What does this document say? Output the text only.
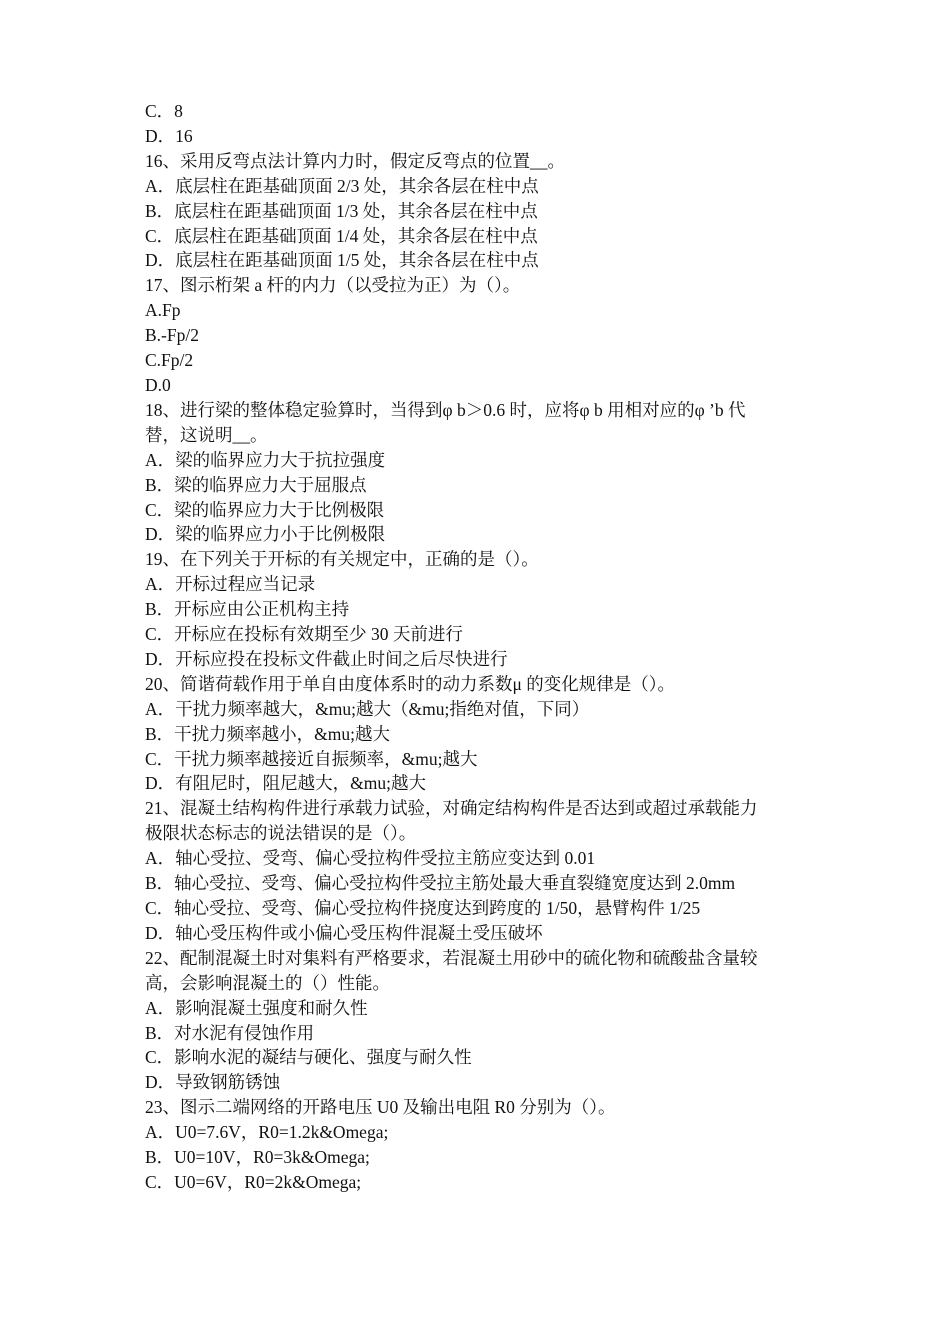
C．8
D．16
16、采用反弯点法计算内力时，假定反弯点的位置__。
A．底层柱在距基础顶面 2/3 处，其余各层在柱中点
B．底层柱在距基础顶面 1/3 处，其余各层在柱中点
C．底层柱在距基础顶面 1/4 处，其余各层在柱中点
D．底层柱在距基础顶面 1/5 处，其余各层在柱中点
17、图示桁架 a 杆的内力（以受拉为正）为（）。
A.Fp
B.-Fp/2
C.Fp/2
D.0
18、进行梁的整体稳定验算时，当得到φ b＞0.6 时，应将φ b 用相对应的φ ’b 代
替，这说明__。
A．梁的临界应力大于抗拉强度
B．梁的临界应力大于屈服点
C．梁的临界应力大于比例极限
D．梁的临界应力小于比例极限
19、在下列关于开标的有关规定中，正确的是（）。
A．开标过程应当记录
B．开标应由公正机构主持
C．开标应在投标有效期至少 30 天前进行
D．开标应投在投标文件截止时间之后尽快进行
20、简谐荷载作用于单自由度体系时的动力系数μ 的变化规律是（）。
A．干扰力频率越大，&mu;越大（&mu;指绝对值，下同）
B．干扰力频率越小，&mu;越大
C．干扰力频率越接近自振频率，&mu;越大
D．有阻尼时，阻尼越大，&mu;越大
21、混凝土结构构件进行承载力试验，对确定结构构件是否达到或超过承载能力
极限状态标志的说法错误的是（）。
A．轴心受拉、受弯、偏心受拉构件受拉主筋应变达到 0.01
B．轴心受拉、受弯、偏心受拉构件受拉主筋处最大垂直裂缝宽度达到 2.0mm
C．轴心受拉、受弯、偏心受拉构件挠度达到跨度的 1/50，悬臂构件 1/25
D．轴心受压构件或小偏心受压构件混凝土受压破坏
22、配制混凝土时对集料有严格要求，若混凝土用砂中的硫化物和硫酸盐含量较
高，会影响混凝土的（）性能。
A．影响混凝土强度和耐久性
B．对水泥有侵蚀作用
C．影响水泥的凝结与硬化、强度与耐久性
D．导致钢筋锈蚀
23、图示二端网络的开路电压 U0 及输出电阻 R0 分别为（）。
A．U0=7.6V，R0=1.2k&Omega;
B．U0=10V，R0=3k&Omega;
C．U0=6V，R0=2k&Omega;
